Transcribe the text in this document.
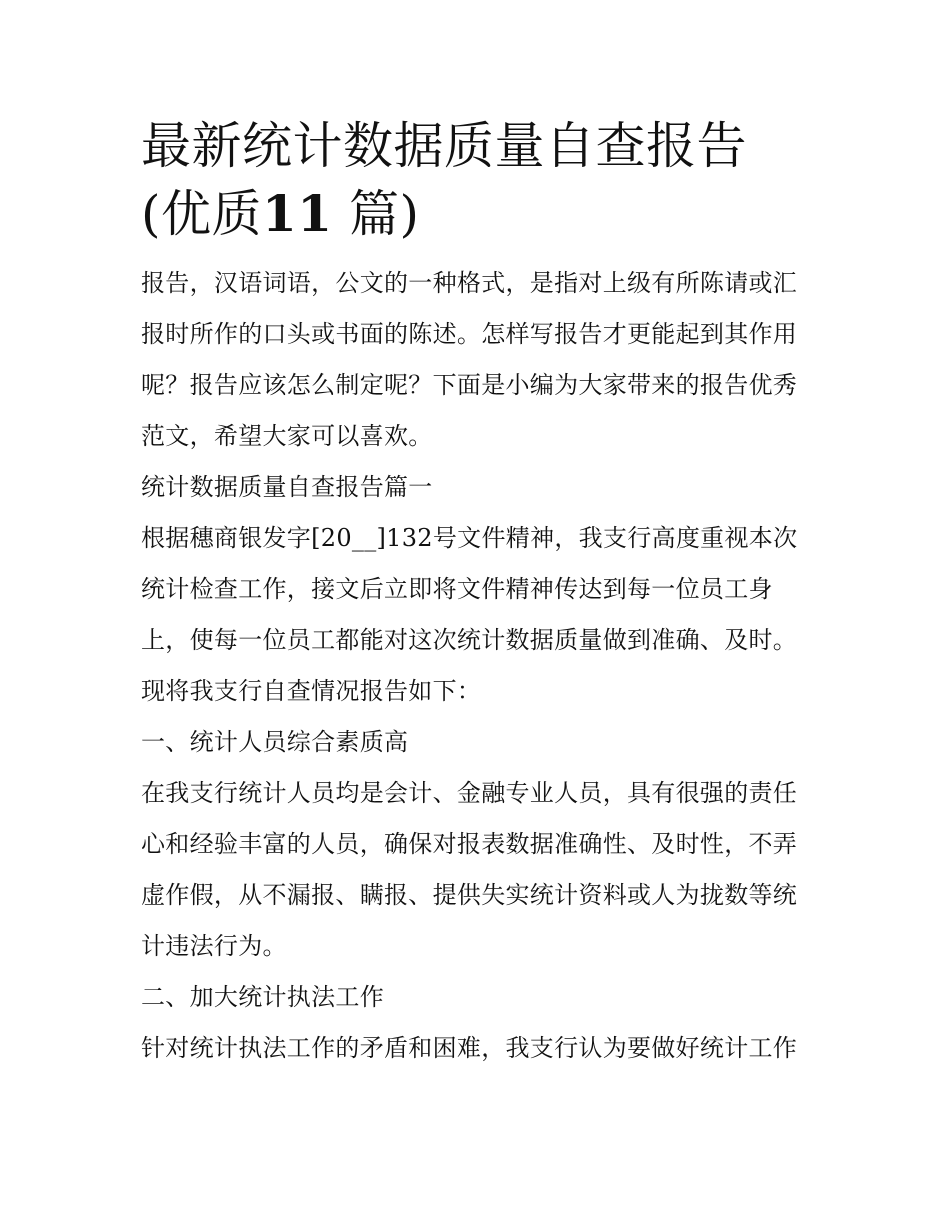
最新统计数据质量自查报告(优质11 篇)

报告，汉语词语，公文的一种格式，是指对上级有所陈请或汇报时所作的口头或书面的陈述。怎样写报告才更能起到其作用呢？报告应该怎么制定呢？下面是小编为大家带来的报告优秀范文，希望大家可以喜欢。

统计数据质量自查报告篇一

根据穗商银发字[20__]132号文件精神，我支行高度重视本次统计检查工作，接文后立即将文件精神传达到每一位员工身上，使每一位员工都能对这次统计数据质量做到准确、及时。现将我支行自查情况报告如下：

一、统计人员综合素质高

在我支行统计人员均是会计、金融专业人员，具有很强的责任心和经验丰富的人员，确保对报表数据准确性、及时性，不弄虚作假，从不漏报、瞒报、提供失实统计资料或人为拢数等统计违法行为。

二、加大统计执法工作

针对统计执法工作的矛盾和困难，我支行认为要做好统计工作
